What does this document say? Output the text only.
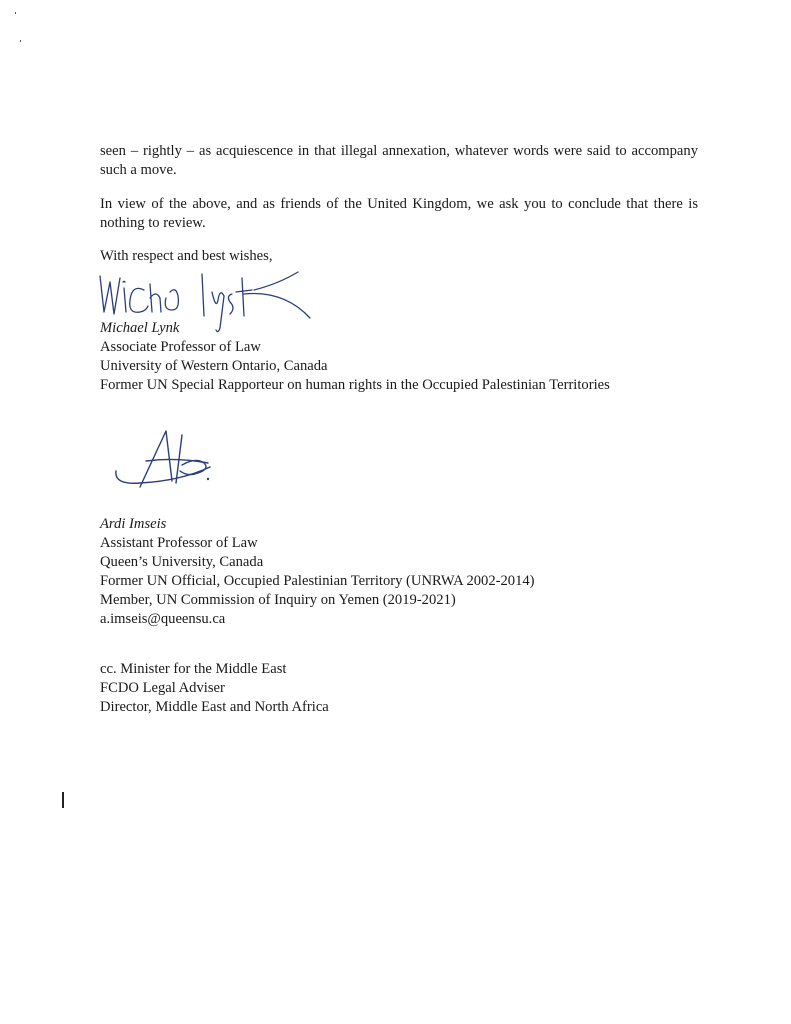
seen – rightly – as acquiescence in that illegal annexation, whatever words were said to accompany such a move.

In view of the above, and as friends of the United Kingdom, we ask you to conclude that there is nothing to review.

With respect and best wishes,

Michael Lynk
Associate Professor of Law
University of Western Ontario, Canada
Former UN Special Rapporteur on human rights in the Occupied Palestinian Territories
Ardi Imseis
Assistant Professor of Law
Queen’s University, Canada
Former UN Official, Occupied Palestinian Territory (UNRWA 2002-2014)
Member, UN Commission of Inquiry on Yemen (2019-2021)
a.imseis@queensu.ca
cc. Minister for the Middle East
FCDO Legal Adviser
Director, Middle East and North Africa
